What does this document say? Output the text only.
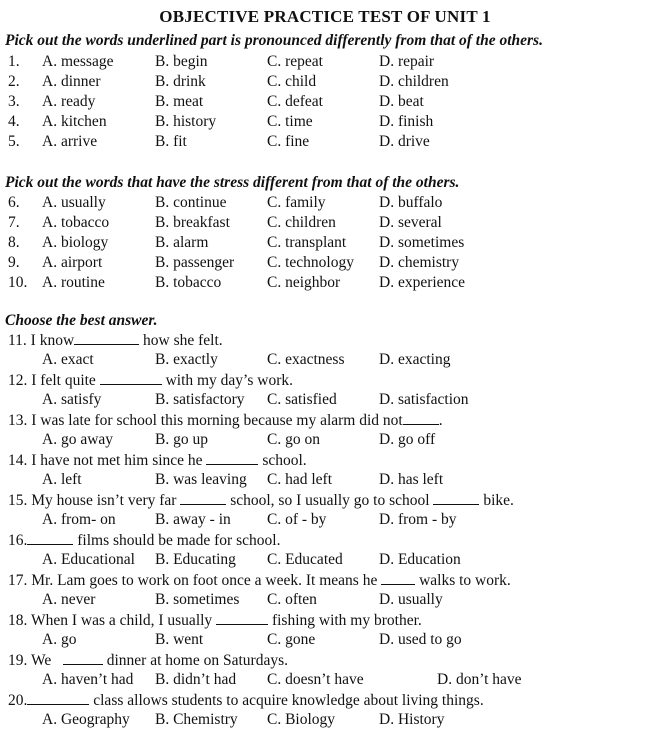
OBJECTIVE PRACTICE TEST OF UNIT 1
Pick out the words underlined part is pronounced differently from that of the others.
1. A. message	B. begin	C. repeat	D. repair
2. A. dinner	B. drink	C. child	D. children
3. A. ready	B. meat	C. defeat	D. beat
4. A. kitchen	B. history	C. time	D. finish
5. A. arrive	B. fit	C. fine	D. drive
Pick out the words that have the stress different from that of the others.
6. A. usually	B. continue	C. family	D. buffalo
7. A. tobacco	B. breakfast C. children	D. several
8. A. biology	B. alarm	C. transplant D. sometimes
9. A. airport	B. passenger C. technology D. chemistry
10. A. routine	B. tobacco	C. neighbor	D. experience
Choose the best answer.
11. I know	how she felt.
A. exact	B. exactly	C. exactness D. exacting
12. I felt quite	with my day’s work.
A. satisfy	B. satisfactory C. satisfied	D. satisfaction
13. I was late for school this morning because my alarm did not .
A. go away	B. go up	C. go on	D. go off
14. I have not met him since he	school.
A. left	B. was leaving C. had left	D. has left
15. My house isn’t very far	school, so I usually go to school	bike.
A. from- on	B. away - in C. of - by	D. from - by
16.	films should be made for school.
A. Educational B. Educating C. Educated D. Education
17. Mr. Lam goes to work on foot once a week. It means he	walks to work.
A. never	B. sometimes C. often	D. usually
18. When I was a child, I usually	fishing with my brother.
A. go	B. went	C. gone	D. used to go
19. We	dinner at home on Saturdays.
A. haven’t had B. didn’t had C. doesn’t have	D. don’t have
20.	class allows students to acquire knowledge about living things.
A. Geography B. Chemistry C. Biology	D. History
